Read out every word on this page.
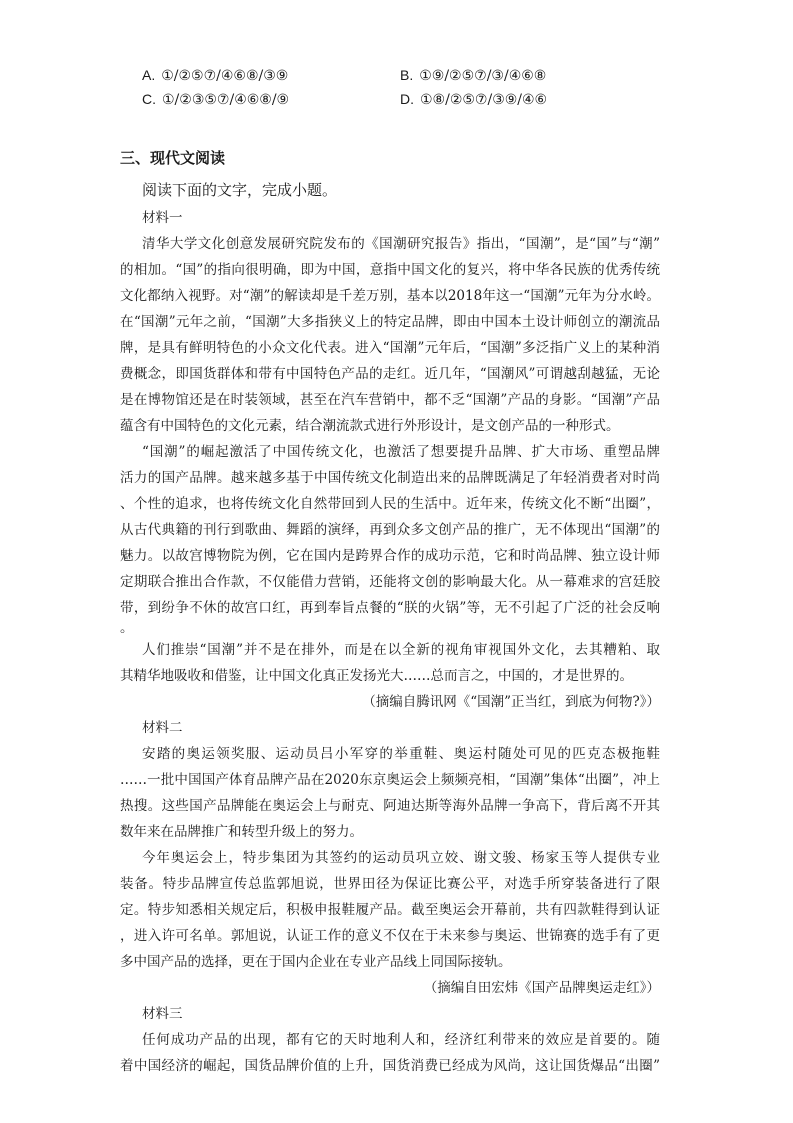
A. ①/②⑤⑦/④⑥⑧/③⑨	B. ①⑨/②⑤⑦/③/④⑥⑧
C. ①/②③⑤⑦/④⑥⑧/⑨	D. ①⑧/②⑤⑦/③⑨/④⑥
三、现代文阅读
阅读下面的文字，完成小题。
材料一
清华大学文化创意发展研究院发布的《国潮研究报告》指出，“国潮”，是“国”与“潮”
的相加。“国”的指向很明确，即为中国，意指中国文化的复兴，将中华各民族的优秀传统
文化都纳入视野。对“潮”的解读却是千差万别，基本以2018年这一“国潮”元年为分水岭。
在“国潮”元年之前，“国潮”大多指狭义上的特定品牌，即由中国本土设计师创立的潮流品
牌，是具有鲜明特色的小众文化代表。进入“国潮”元年后，“国潮”多泛指广义上的某种消
费概念，即国货群体和带有中国特色产品的走红。近几年，“国潮风”可谓越刮越猛，无论
是在博物馆还是在时装领域，甚至在汽车营销中，都不乏“国潮”产品的身影。“国潮”产品
蕴含有中国特色的文化元素，结合潮流款式进行外形设计，是文创产品的一种形式。
“国潮”的崛起激活了中国传统文化，也激活了想要提升品牌、扩大市场、重塑品牌
活力的国产品牌。越来越多基于中国传统文化制造出来的品牌既满足了年轻消费者对时尚
、个性的追求，也将传统文化自然带回到人民的生活中。近年来，传统文化不断“出圈”，
从古代典籍的刊行到歌曲、舞蹈的演绎，再到众多文创产品的推广，无不体现出“国潮”的
魅力。以故宫博物院为例，它在国内是跨界合作的成功示范，它和时尚品牌、独立设计师
定期联合推出合作款，不仅能借力营销，还能将文创的影响最大化。从一幕难求的宫廷胶
带，到纷争不休的故宫口红，再到奉旨点餐的“朕的火锅”等，无不引起了广泛的社会反响
。
人们推崇“国潮”并不是在排外，而是在以全新的视角审视国外文化，去其糟粕、取
其精华地吸收和借鉴，让中国文化真正发扬光大……总而言之，中国的，才是世界的。
（摘编自腾讯网《“国潮”正当红，到底为何物?》）
材料二
安踏的奥运领奖服、运动员吕小军穿的举重鞋、奥运村随处可见的匹克态极拖鞋
……一批中国国产体育品牌产品在2020东京奥运会上频频亮相，“国潮”集体“出圈”，冲上
热搜。这些国产品牌能在奥运会上与耐克、阿迪达斯等海外品牌一争高下，背后离不开其
数年来在品牌推广和转型升级上的努力。
今年奥运会上，特步集团为其签约的运动员巩立姣、谢文骏、杨家玉等人提供专业
装备。特步品牌宣传总监郭旭说，世界田径为保证比赛公平，对选手所穿装备进行了限
定。特步知悉相关规定后，积极申报鞋履产品。截至奥运会开幕前，共有四款鞋得到认证
，进入许可名单。郭旭说，认证工作的意义不仅在于未来参与奥运、世锦赛的选手有了更
多中国产品的选择，更在于国内企业在专业产品线上同国际接轨。
（摘编自田宏炜《国产品牌奥运走红》）
材料三
任何成功产品的出现，都有它的天时地利人和，经济红利带来的效应是首要的。随
着中国经济的崛起，国货品牌价值的上升，国货消费已经成为风尚，这让国货爆品“出圈”
